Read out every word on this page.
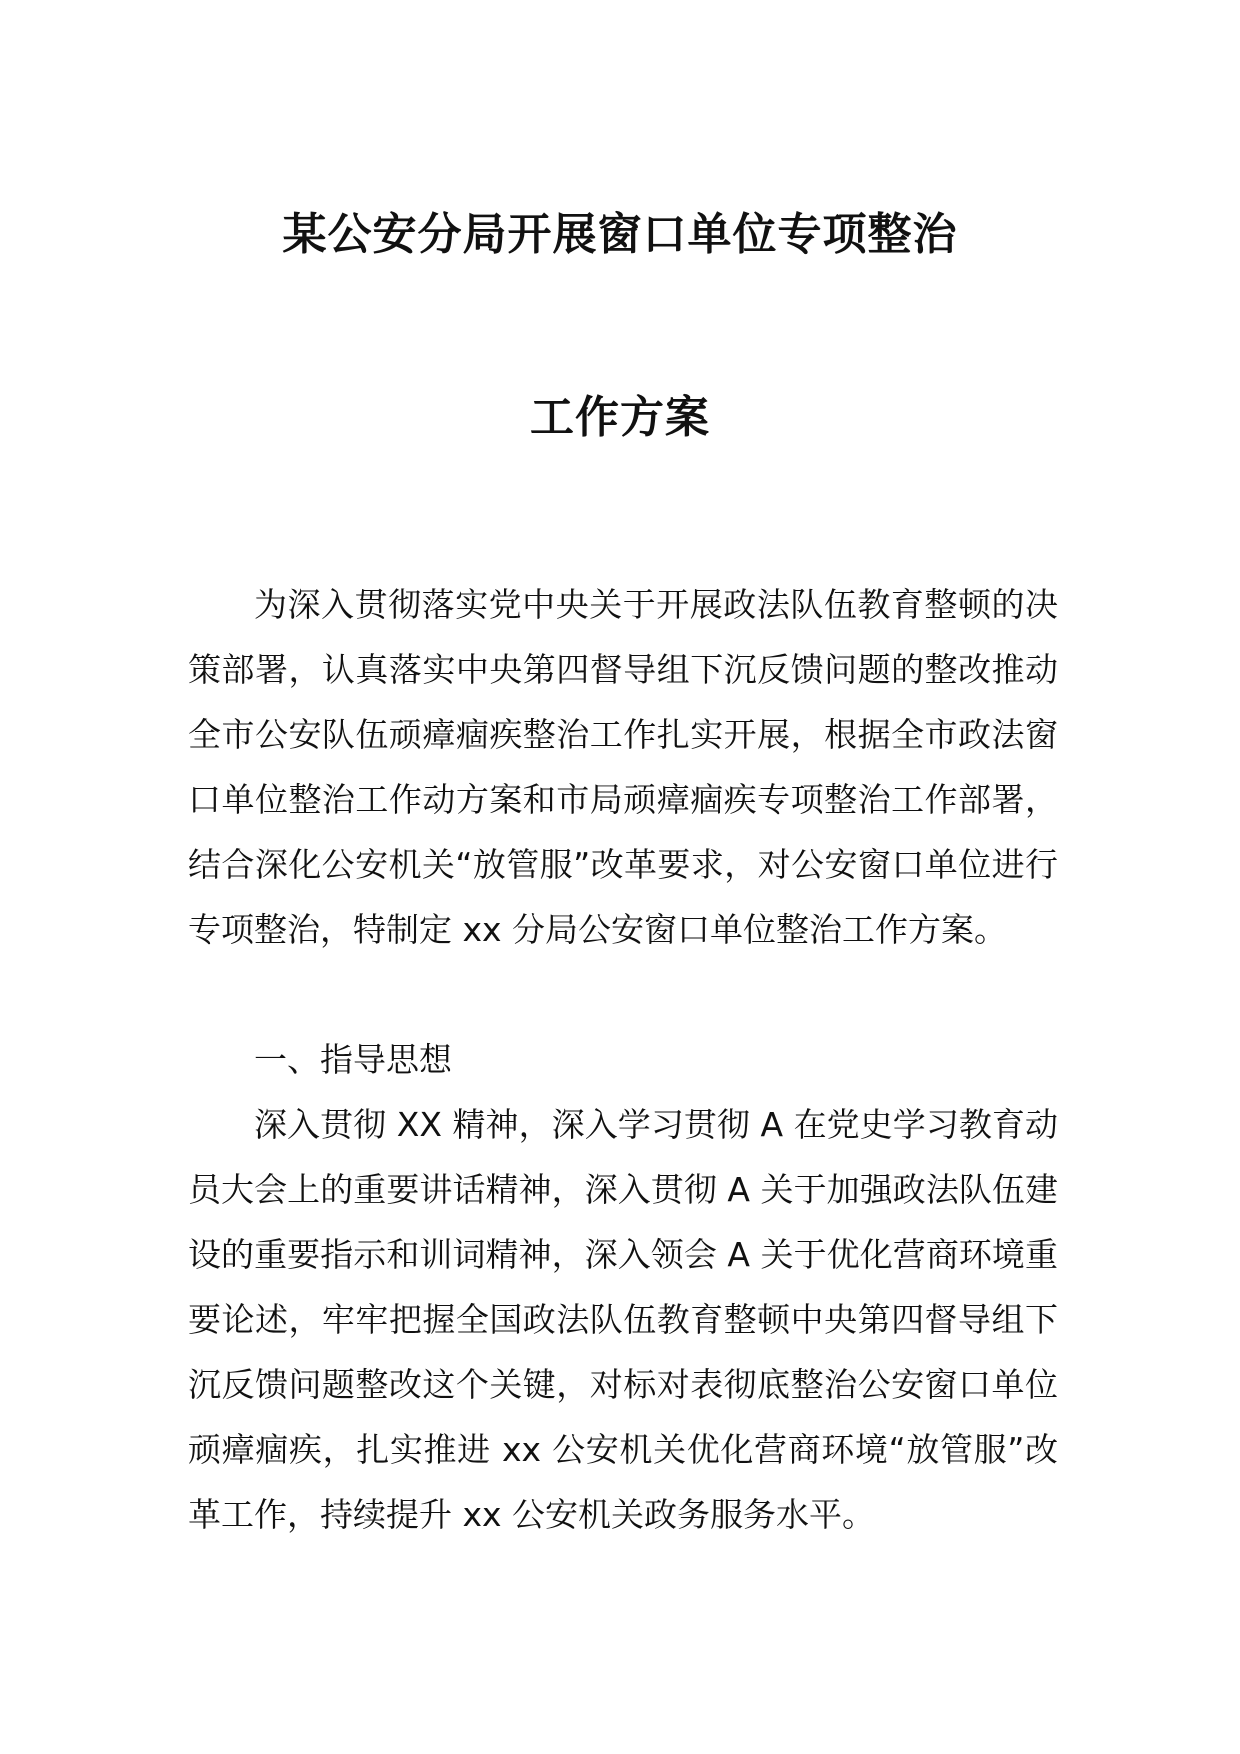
某公安分局开展窗口单位专项整治
工作方案

为深入贯彻落实党中央关于开展政法队伍教育整顿的决策部署，认真落实中央第四督导组下沉反馈问题的整改推动全市公安队伍顽瘴痼疾整治工作扎实开展，根据全市政法窗口单位整治工作动方案和市局顽瘴痼疾专项整治工作部署，结合深化公安机关“放管服”改革要求，对公安窗口单位进行专项整治，特制定 xx 分局公安窗口单位整治工作方案。

一、指导思想

深入贯彻 XX 精神，深入学习贯彻 A 在党史学习教育动员大会上的重要讲话精神，深入贯彻 A 关于加强政法队伍建设的重要指示和训词精神，深入领会 A 关于优化营商环境重要论述，牢牢把握全国政法队伍教育整顿中央第四督导组下沉反馈问题整改这个关键，对标对表彻底整治公安窗口单位顽瘴痼疾，扎实推进 xx 公安机关优化营商环境“放管服”改革工作，持续提升 xx 公安机关政务服务水平。
